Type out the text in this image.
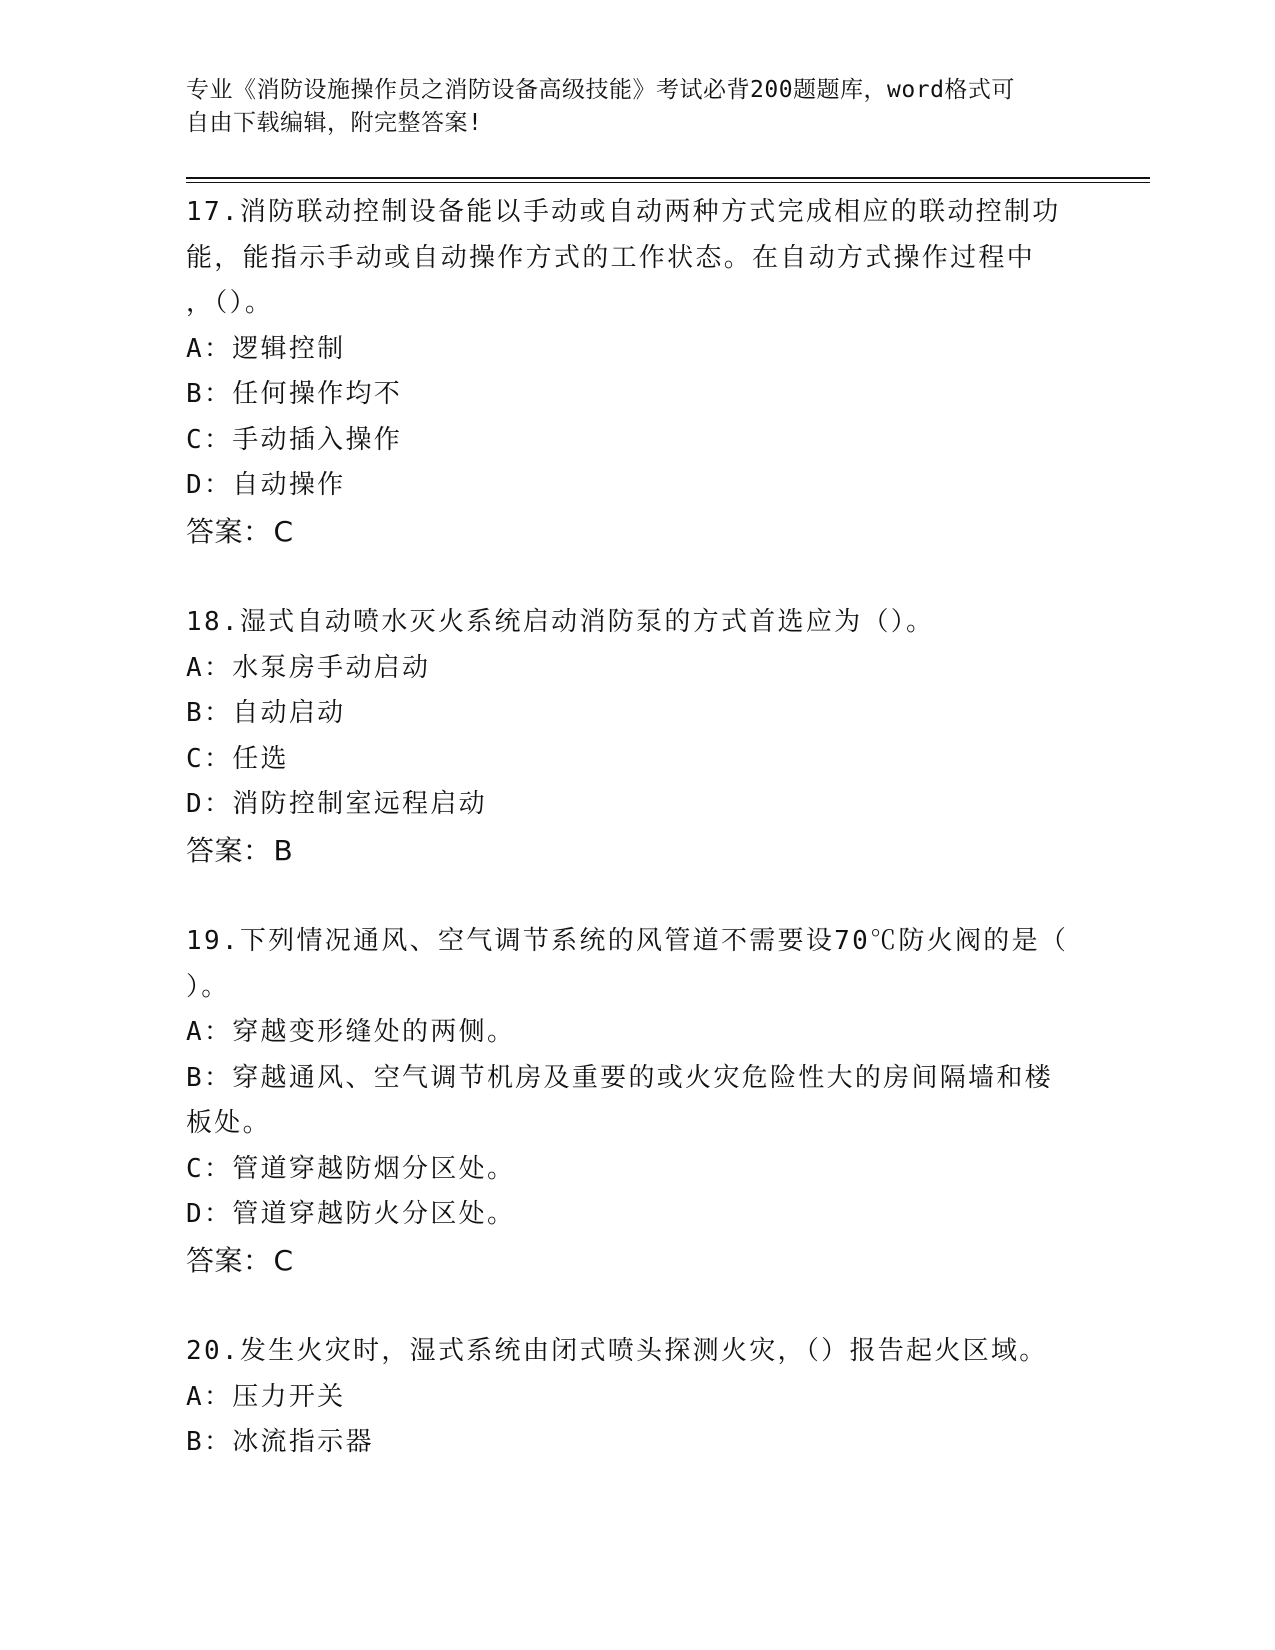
专业《消防设施操作员之消防设备高级技能》考试必背200题题库，word格式可
自由下载编辑，附完整答案!
17.消防联动控制设备能以手动或自动两种方式完成相应的联动控制功
能，能指示手动或自动操作方式的工作状态。在自动方式操作过程中
，（）。
A：逻辑控制
B：任何操作均不
C：手动插入操作
D：自动操作
答案：C
18.湿式自动喷水灭火系统启动消防泵的方式首选应为（）。
A：水泵房手动启动
B：自动启动
C：任选
D：消防控制室远程启动
答案：B
19.下列情况通风、空气调节系统的风管道不需要设70℃防火阀的是（
）。
A：穿越变形缝处的两侧。
B：穿越通风、空气调节机房及重要的或火灾危险性大的房间隔墙和楼
板处。
C：管道穿越防烟分区处。
D：管道穿越防火分区处。
答案：C
20.发生火灾时，湿式系统由闭式喷头探测火灾，（）报告起火区域。
A：压力开关
B：冰流指示器
